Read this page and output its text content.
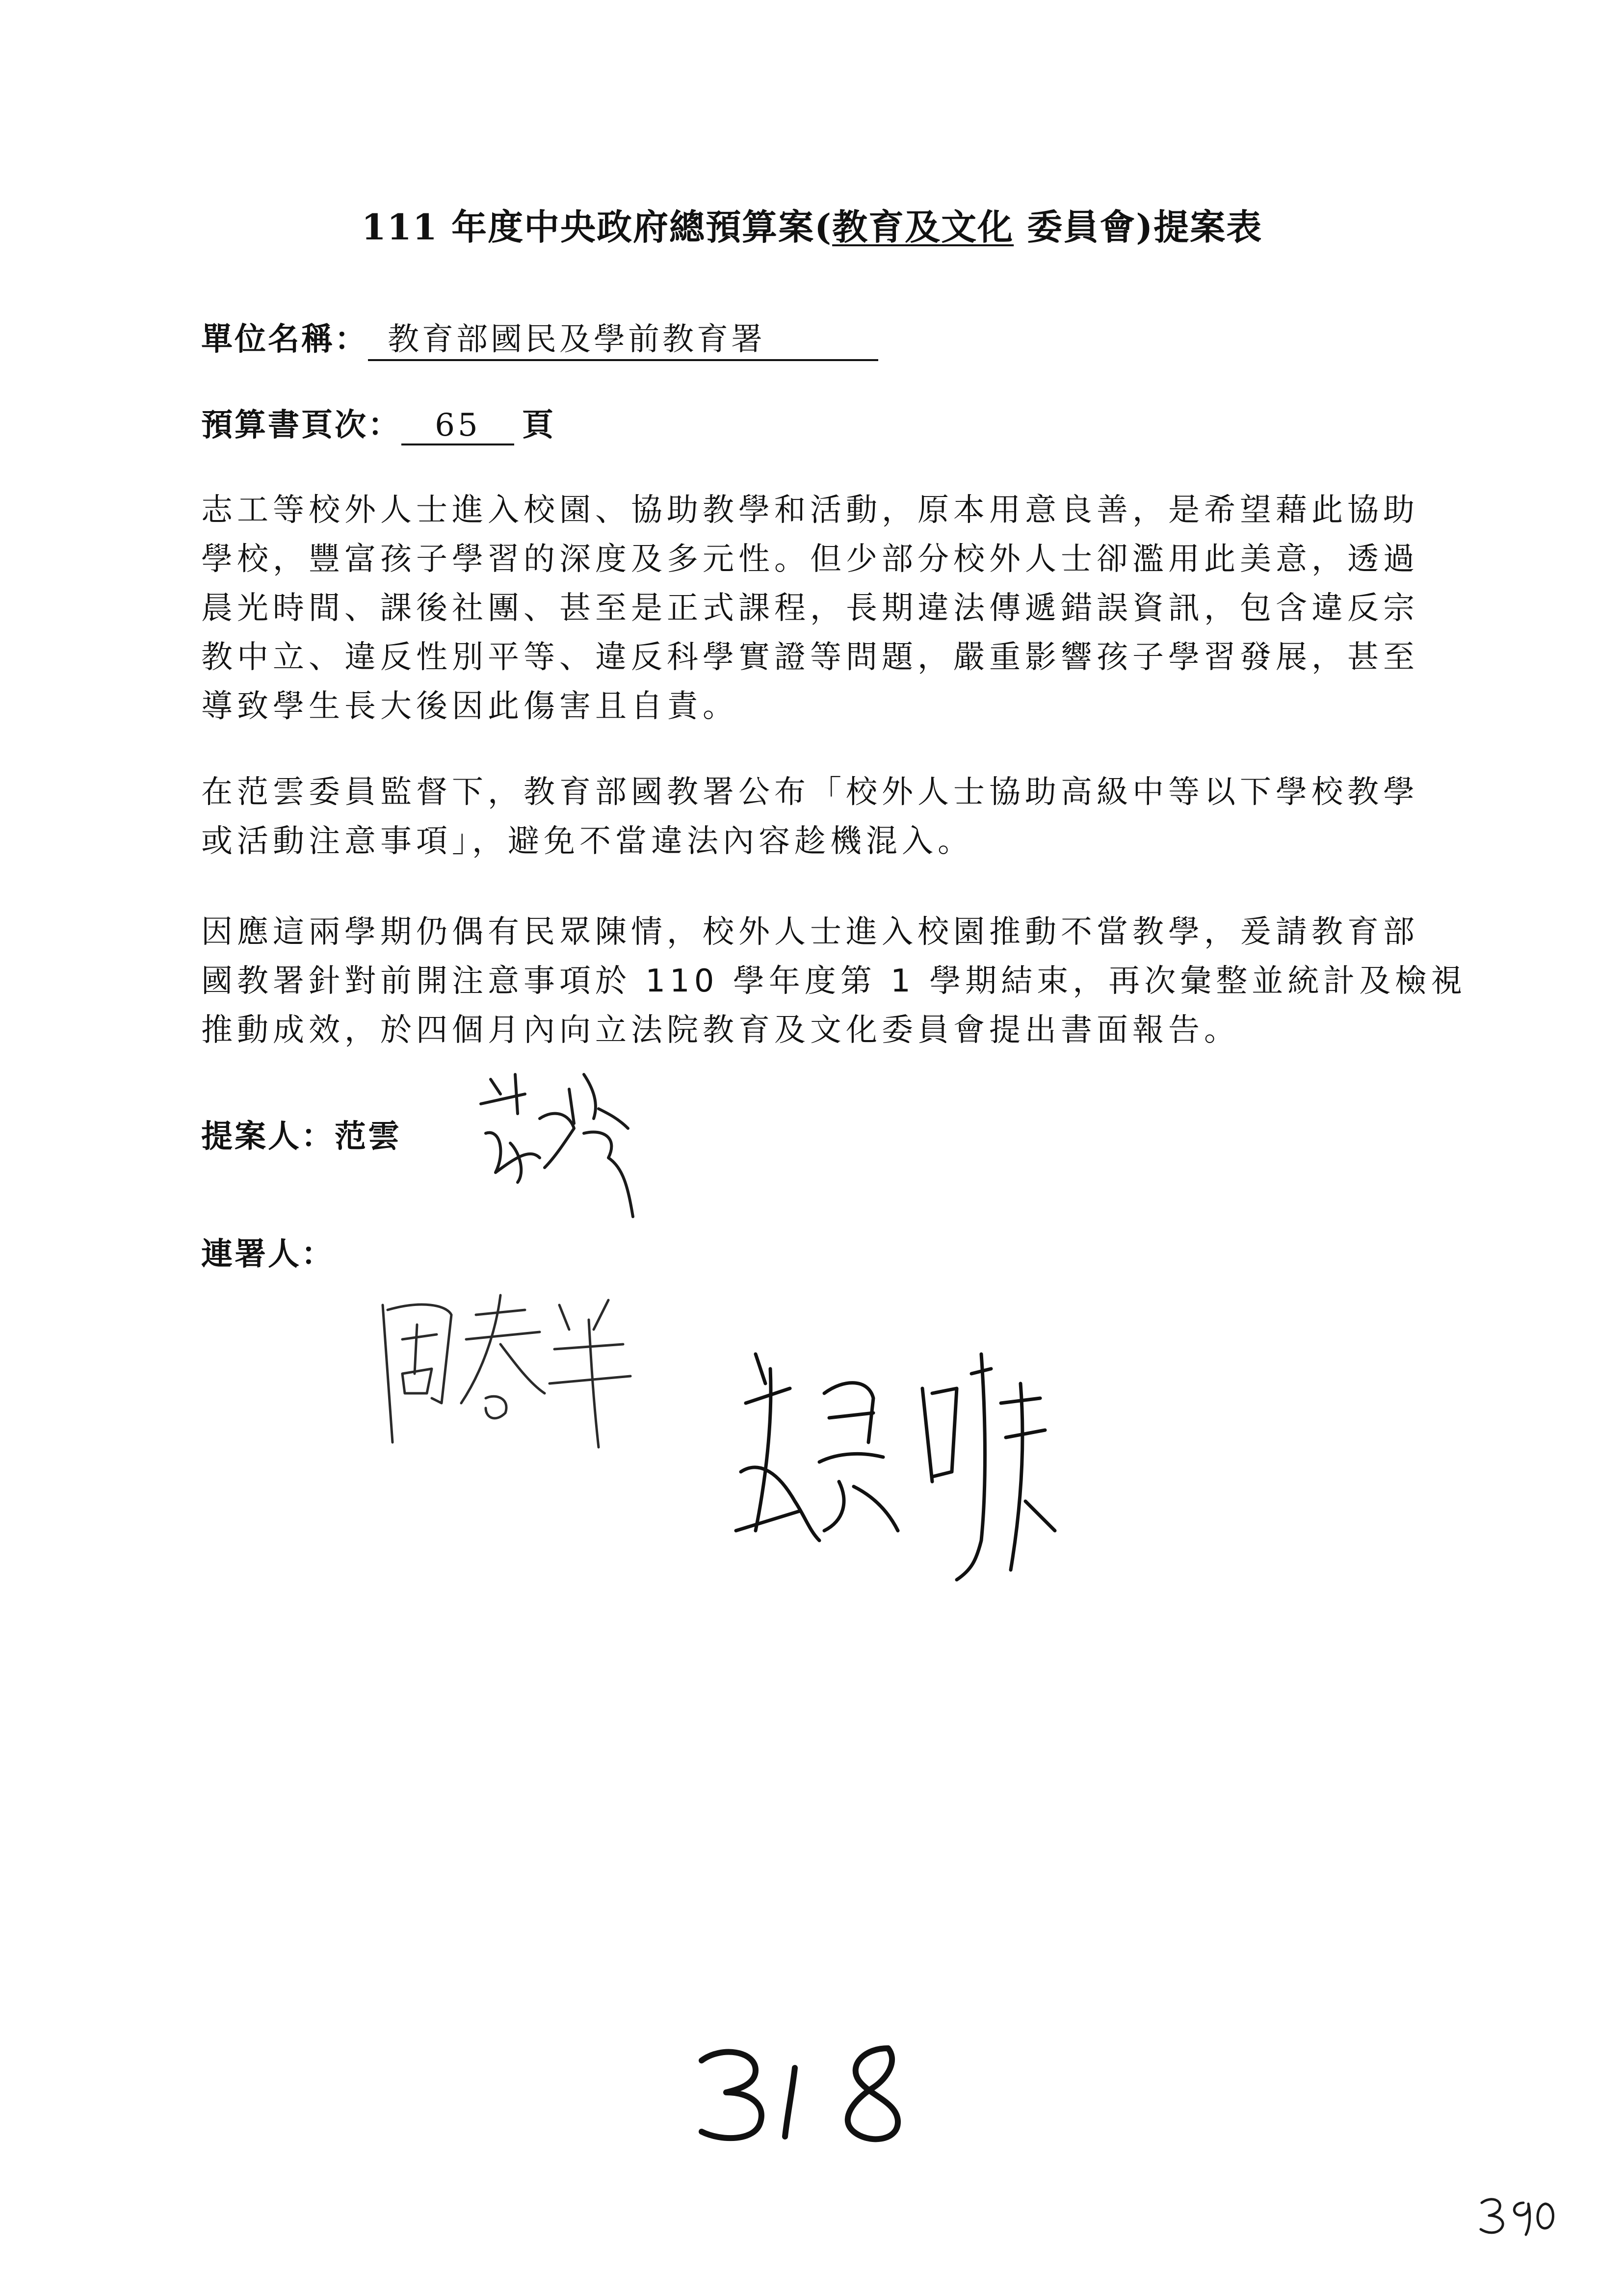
111 年度中央政府總預算案(教育及文化 委員會)提案表
單位名稱： 教育部國民及學前教育署
預算書頁次： 65 頁
志工等校外人士進入校園、協助教學和活動，原本用意良善，是希望藉此協助
學校，豐富孩子學習的深度及多元性。但少部分校外人士卻濫用此美意，透過
晨光時間、課後社團、甚至是正式課程，長期違法傳遞錯誤資訊，包含違反宗
教中立、違反性別平等、違反科學實證等問題，嚴重影響孩子學習發展，甚至
導致學生長大後因此傷害且自責。
在范雲委員監督下，教育部國教署公布「校外人士協助高級中等以下學校教學
或活動注意事項」，避免不當違法內容趁機混入。
因應這兩學期仍偶有民眾陳情，校外人士進入校園推動不當教學，爰請教育部
國教署針對前開注意事項於 110 學年度第 1 學期結束，再次彙整並統計及檢視
推動成效，於四個月內向立法院教育及文化委員會提出書面報告。
提案人：范雲
連署人：
